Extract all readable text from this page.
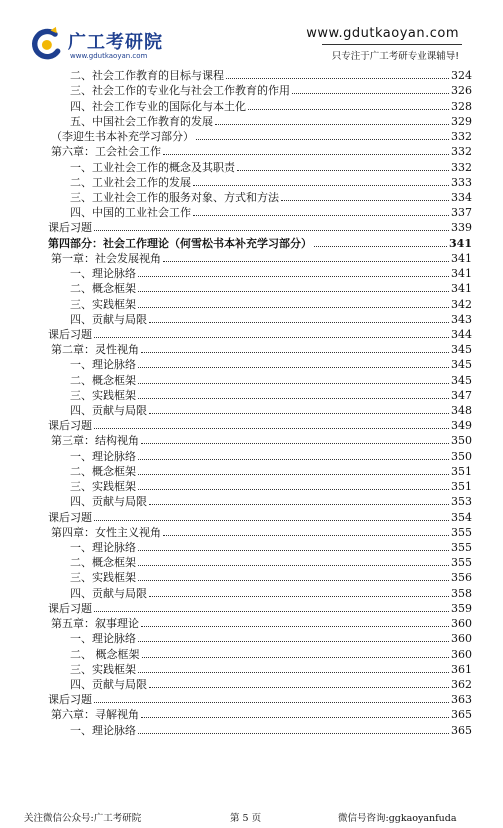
广工考研院
www.gdutkaoyan.com
www.gdutkaoyan.com
只专注于广工考研专业课辅导!
二、社会工作教育的目标与课程	324
三、社会工作的专业化与社会工作教育的作用	326
四、社会工作专业的国际化与本土化	328
五、中国社会工作教育的发展	329
（李迎生书本补充学习部分）	332
第六章：工会社会工作	332
一、工业社会工作的概念及其职责	332
二、工业社会工作的发展	333
三、工业社会工作的服务对象、方式和方法	334
四、中国的工业社会工作	337
课后习题	339
第四部分：社会工作理论（何雪松书本补充学习部分）	341
第一章：社会发展视角	341
一、理论脉络	341
二、概念框架	341
三、实践框架	342
四、贡献与局限	343
课后习题	344
第二章：灵性视角	345
一、理论脉络	345
二、概念框架	345
三、实践框架	347
四、贡献与局限	348
课后习题	349
第三章：结构视角	350
一、理论脉络	350
二、概念框架	351
三、实践框架	351
四、贡献与局限	353
课后习题	354
第四章：女性主义视角	355
一、理论脉络	355
二、概念框架	355
三、实践框架	356
四、贡献与局限	358
课后习题	359
第五章：叙事理论	360
一、理论脉络	360
二、 概念框架	360
三、实践框架	361
四、贡献与局限	362
课后习题	363
第六章：寻解视角	365
一、理论脉络	365
关注微信公众号:广工考研院	第 5 页	微信号咨询:ggkaoyanfuda
